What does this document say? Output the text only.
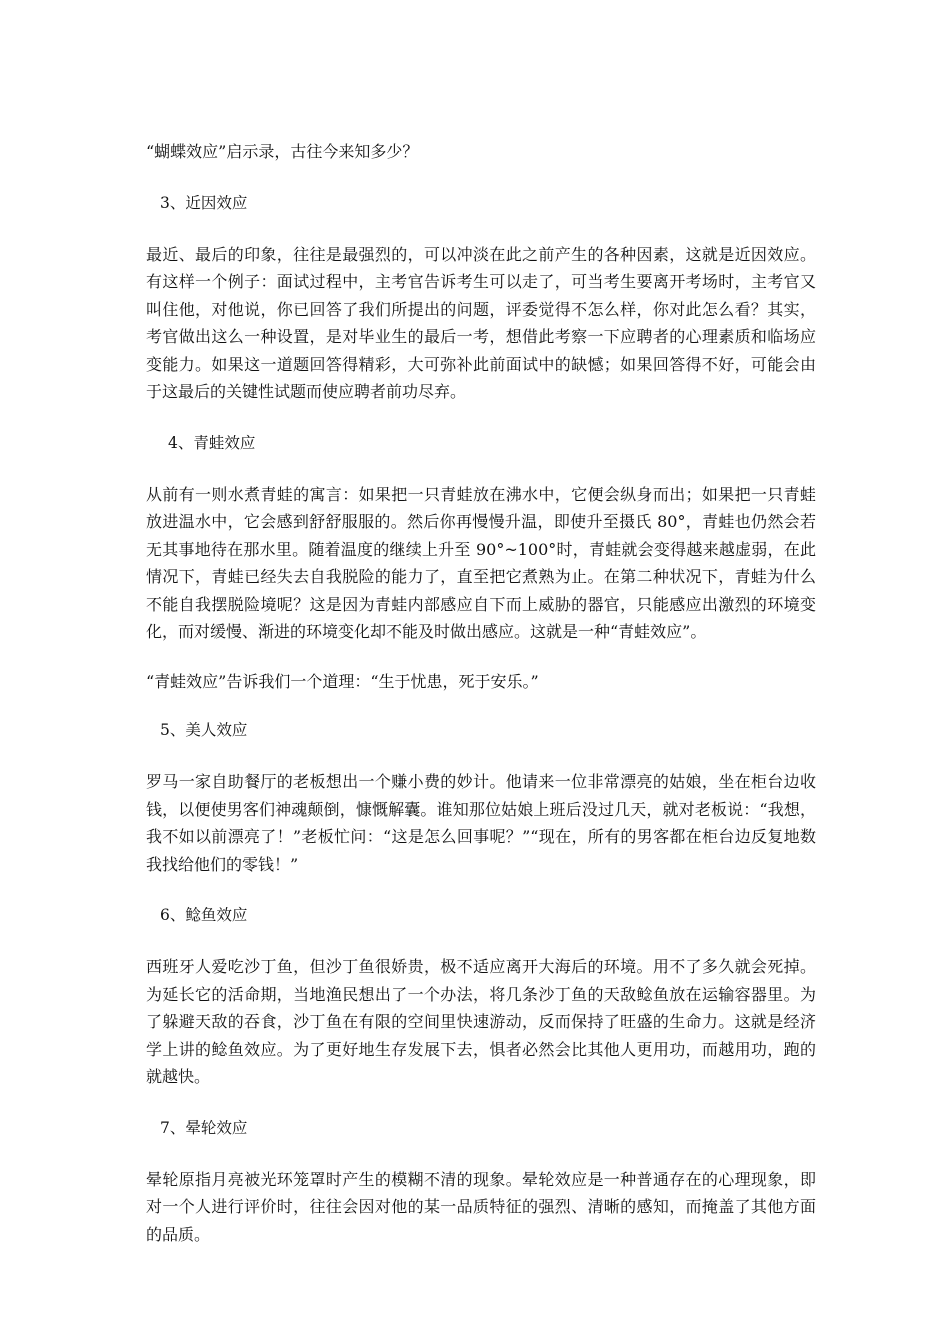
“蝴蝶效应”启示录，古往今来知多少？

3、近因效应

最近、最后的印象，往往是最强烈的，可以冲淡在此之前产生的各种因素，这就是近因效应。有这样一个例子：面试过程中，主考官告诉考生可以走了，可当考生要离开考场时，主考官又叫住他，对他说，你已回答了我们所提出的问题，评委觉得不怎么样，你对此怎么看？其实，考官做出这么一种设置，是对毕业生的最后一考，想借此考察一下应聘者的心理素质和临场应变能力。如果这一道题回答得精彩，大可弥补此前面试中的缺憾；如果回答得不好，可能会由于这最后的关键性试题而使应聘者前功尽弃。

4、青蛙效应

从前有一则水煮青蛙的寓言：如果把一只青蛙放在沸水中，它便会纵身而出；如果把一只青蛙放进温水中，它会感到舒舒服服的。然后你再慢慢升温，即使升至摄氏 80°，青蛙也仍然会若无其事地待在那水里。随着温度的继续上升至 90°~100°时，青蛙就会变得越来越虚弱，在此情况下，青蛙已经失去自我脱险的能力了，直至把它煮熟为止。在第二种状况下，青蛙为什么不能自我摆脱险境呢？这是因为青蛙内部感应自下而上威胁的器官，只能感应出激烈的环境变化，而对缓慢、渐进的环境变化却不能及时做出感应。这就是一种“青蛙效应”。

“青蛙效应”告诉我们一个道理：“生于忧患，死于安乐。”

5、美人效应

罗马一家自助餐厅的老板想出一个赚小费的妙计。他请来一位非常漂亮的姑娘，坐在柜台边收钱，以便使男客们神魂颠倒，慷慨解囊。谁知那位姑娘上班后没过几天，就对老板说：“我想，我不如以前漂亮了！”老板忙问：“这是怎么回事呢？”“现在，所有的男客都在柜台边反复地数我找给他们的零钱！”

6、鲶鱼效应

西班牙人爱吃沙丁鱼，但沙丁鱼很娇贵，极不适应离开大海后的环境。用不了多久就会死掉。为延长它的活命期，当地渔民想出了一个办法，将几条沙丁鱼的天敌鲶鱼放在运输容器里。为了躲避天敌的吞食，沙丁鱼在有限的空间里快速游动，反而保持了旺盛的生命力。这就是经济学上讲的鲶鱼效应。为了更好地生存发展下去，惧者必然会比其他人更用功，而越用功，跑的就越快。

7、晕轮效应

晕轮原指月亮被光环笼罩时产生的模糊不清的现象。晕轮效应是一种普通存在的心理现象，即对一个人进行评价时，往往会因对他的某一品质特征的强烈、清晰的感知，而掩盖了其他方面的品质。
